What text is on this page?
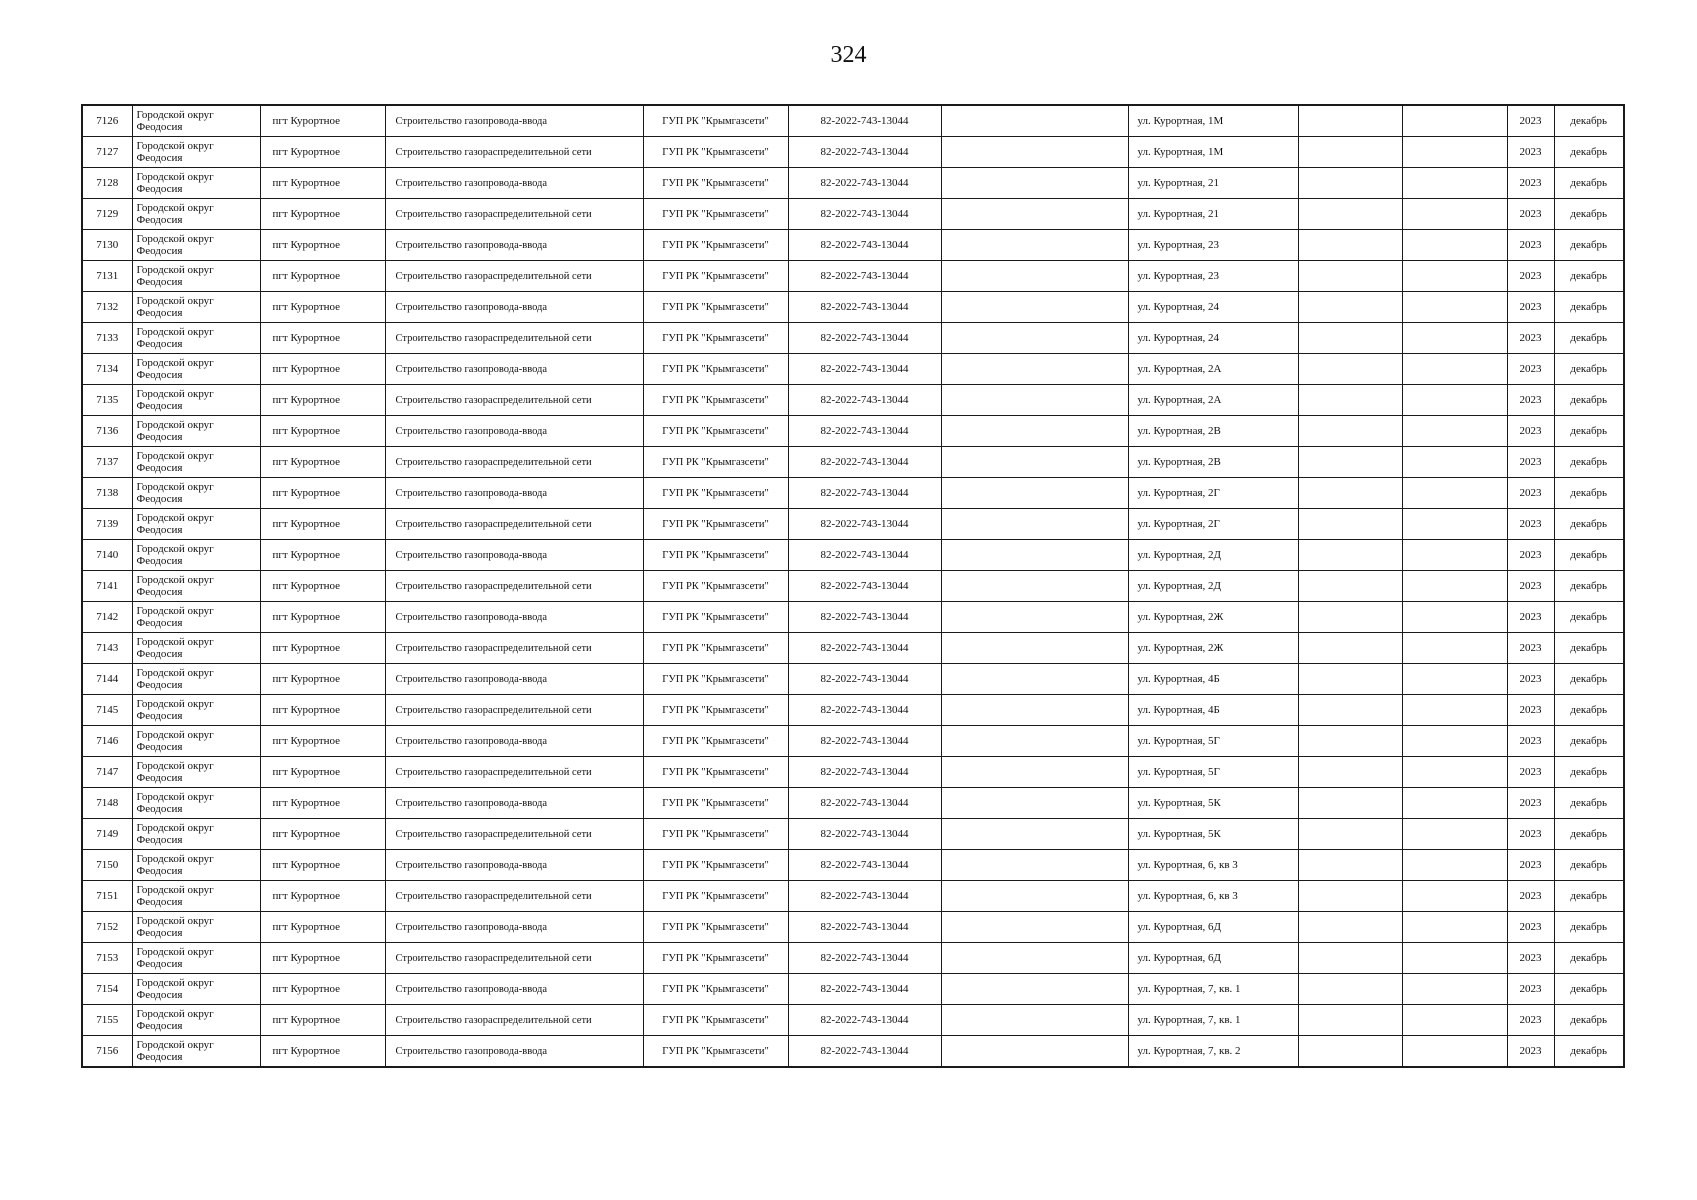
324
7126	Городской округ Феодосия	пгт Курортное	Строительство газопровода-ввода	ГУП РК "Крымгазсети"	82-2022-743-13044		ул. Курортная, 1М			2023	декабрь
7127	Городской округ Феодосия	пгт Курортное	Строительство газораспределительной сети	ГУП РК "Крымгазсети"	82-2022-743-13044		ул. Курортная, 1М			2023	декабрь
7128	Городской округ Феодосия	пгт Курортное	Строительство газопровода-ввода	ГУП РК "Крымгазсети"	82-2022-743-13044		ул. Курортная, 21			2023	декабрь
7129	Городской округ Феодосия	пгт Курортное	Строительство газораспределительной сети	ГУП РК "Крымгазсети"	82-2022-743-13044		ул. Курортная, 21			2023	декабрь
7130	Городской округ Феодосия	пгт Курортное	Строительство газопровода-ввода	ГУП РК "Крымгазсети"	82-2022-743-13044		ул. Курортная, 23			2023	декабрь
7131	Городской округ Феодосия	пгт Курортное	Строительство газораспределительной сети	ГУП РК "Крымгазсети"	82-2022-743-13044		ул. Курортная, 23			2023	декабрь
7132	Городской округ Феодосия	пгт Курортное	Строительство газопровода-ввода	ГУП РК "Крымгазсети"	82-2022-743-13044		ул. Курортная, 24			2023	декабрь
7133	Городской округ Феодосия	пгт Курортное	Строительство газораспределительной сети	ГУП РК "Крымгазсети"	82-2022-743-13044		ул. Курортная, 24			2023	декабрь
7134	Городской округ Феодосия	пгт Курортное	Строительство газопровода-ввода	ГУП РК "Крымгазсети"	82-2022-743-13044		ул. Курортная, 2А			2023	декабрь
7135	Городской округ Феодосия	пгт Курортное	Строительство газораспределительной сети	ГУП РК "Крымгазсети"	82-2022-743-13044		ул. Курортная, 2А			2023	декабрь
7136	Городской округ Феодосия	пгт Курортное	Строительство газопровода-ввода	ГУП РК "Крымгазсети"	82-2022-743-13044		ул. Курортная, 2В			2023	декабрь
7137	Городской округ Феодосия	пгт Курортное	Строительство газораспределительной сети	ГУП РК "Крымгазсети"	82-2022-743-13044		ул. Курортная, 2В			2023	декабрь
7138	Городской округ Феодосия	пгт Курортное	Строительство газопровода-ввода	ГУП РК "Крымгазсети"	82-2022-743-13044		ул. Курортная, 2Г			2023	декабрь
7139	Городской округ Феодосия	пгт Курортное	Строительство газораспределительной сети	ГУП РК "Крымгазсети"	82-2022-743-13044		ул. Курортная, 2Г			2023	декабрь
7140	Городской округ Феодосия	пгт Курортное	Строительство газопровода-ввода	ГУП РК "Крымгазсети"	82-2022-743-13044		ул. Курортная, 2Д			2023	декабрь
7141	Городской округ Феодосия	пгт Курортное	Строительство газораспределительной сети	ГУП РК "Крымгазсети"	82-2022-743-13044		ул. Курортная, 2Д			2023	декабрь
7142	Городской округ Феодосия	пгт Курортное	Строительство газопровода-ввода	ГУП РК "Крымгазсети"	82-2022-743-13044		ул. Курортная, 2Ж			2023	декабрь
7143	Городской округ Феодосия	пгт Курортное	Строительство газораспределительной сети	ГУП РК "Крымгазсети"	82-2022-743-13044		ул. Курортная, 2Ж			2023	декабрь
7144	Городской округ Феодосия	пгт Курортное	Строительство газопровода-ввода	ГУП РК "Крымгазсети"	82-2022-743-13044		ул. Курортная, 4Б			2023	декабрь
7145	Городской округ Феодосия	пгт Курортное	Строительство газораспределительной сети	ГУП РК "Крымгазсети"	82-2022-743-13044		ул. Курортная, 4Б			2023	декабрь
7146	Городской округ Феодосия	пгт Курортное	Строительство газопровода-ввода	ГУП РК "Крымгазсети"	82-2022-743-13044		ул. Курортная, 5Г			2023	декабрь
7147	Городской округ Феодосия	пгт Курортное	Строительство газораспределительной сети	ГУП РК "Крымгазсети"	82-2022-743-13044		ул. Курортная, 5Г			2023	декабрь
7148	Городской округ Феодосия	пгт Курортное	Строительство газопровода-ввода	ГУП РК "Крымгазсети"	82-2022-743-13044		ул. Курортная, 5К			2023	декабрь
7149	Городской округ Феодосия	пгт Курортное	Строительство газораспределительной сети	ГУП РК "Крымгазсети"	82-2022-743-13044		ул. Курортная, 5К			2023	декабрь
7150	Городской округ Феодосия	пгт Курортное	Строительство газопровода-ввода	ГУП РК "Крымгазсети"	82-2022-743-13044		ул. Курортная, 6, кв 3			2023	декабрь
7151	Городской округ Феодосия	пгт Курортное	Строительство газораспределительной сети	ГУП РК "Крымгазсети"	82-2022-743-13044		ул. Курортная, 6, кв 3			2023	декабрь
7152	Городской округ Феодосия	пгт Курортное	Строительство газопровода-ввода	ГУП РК "Крымгазсети"	82-2022-743-13044		ул. Курортная, 6Д			2023	декабрь
7153	Городской округ Феодосия	пгт Курортное	Строительство газораспределительной сети	ГУП РК "Крымгазсети"	82-2022-743-13044		ул. Курортная, 6Д			2023	декабрь
7154	Городской округ Феодосия	пгт Курортное	Строительство газопровода-ввода	ГУП РК "Крымгазсети"	82-2022-743-13044		ул. Курортная, 7, кв. 1			2023	декабрь
7155	Городской округ Феодосия	пгт Курортное	Строительство газораспределительной сети	ГУП РК "Крымгазсети"	82-2022-743-13044		ул. Курортная, 7, кв. 1			2023	декабрь
7156	Городской округ Феодосия	пгт Курортное	Строительство газопровода-ввода	ГУП РК "Крымгазсети"	82-2022-743-13044		ул. Курортная, 7, кв. 2			2023	декабрь
